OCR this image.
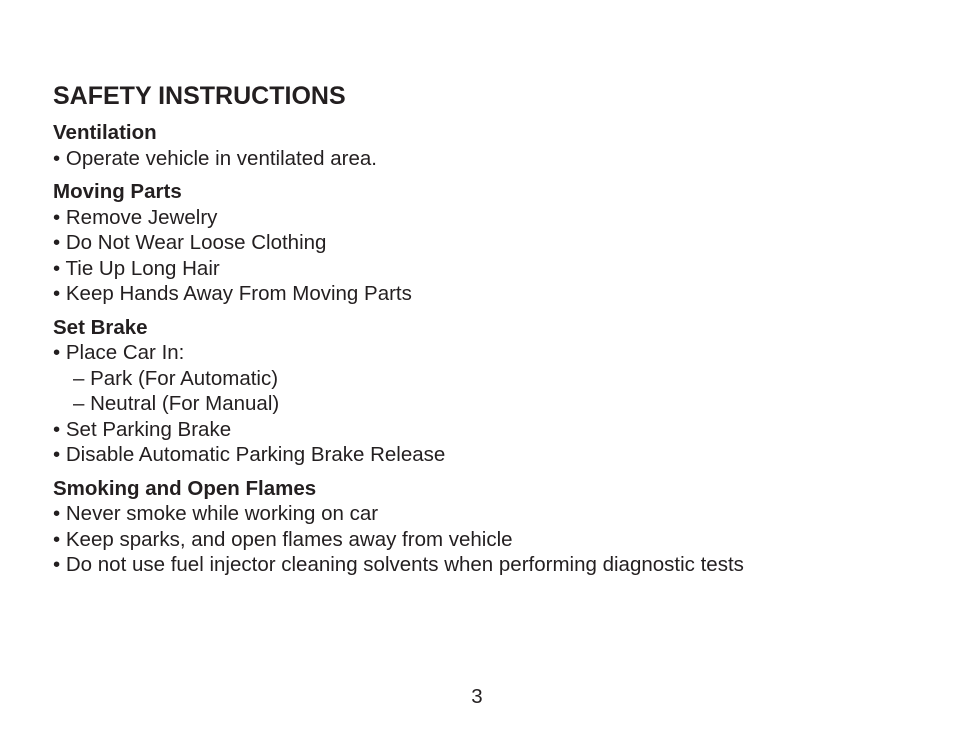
SAFETY INSTRUCTIONS
Ventilation
• Operate vehicle in ventilated area.
Moving Parts
• Remove Jewelry
• Do Not Wear Loose Clothing
• Tie Up Long Hair
• Keep Hands Away From Moving Parts
Set Brake
• Place Car In:
– Park (For Automatic)
– Neutral (For Manual)
• Set Parking Brake
• Disable Automatic Parking Brake Release
Smoking and Open Flames
• Never smoke while working on car
• Keep sparks, and open flames away from vehicle
• Do not use fuel injector cleaning solvents when performing diagnostic tests
3
